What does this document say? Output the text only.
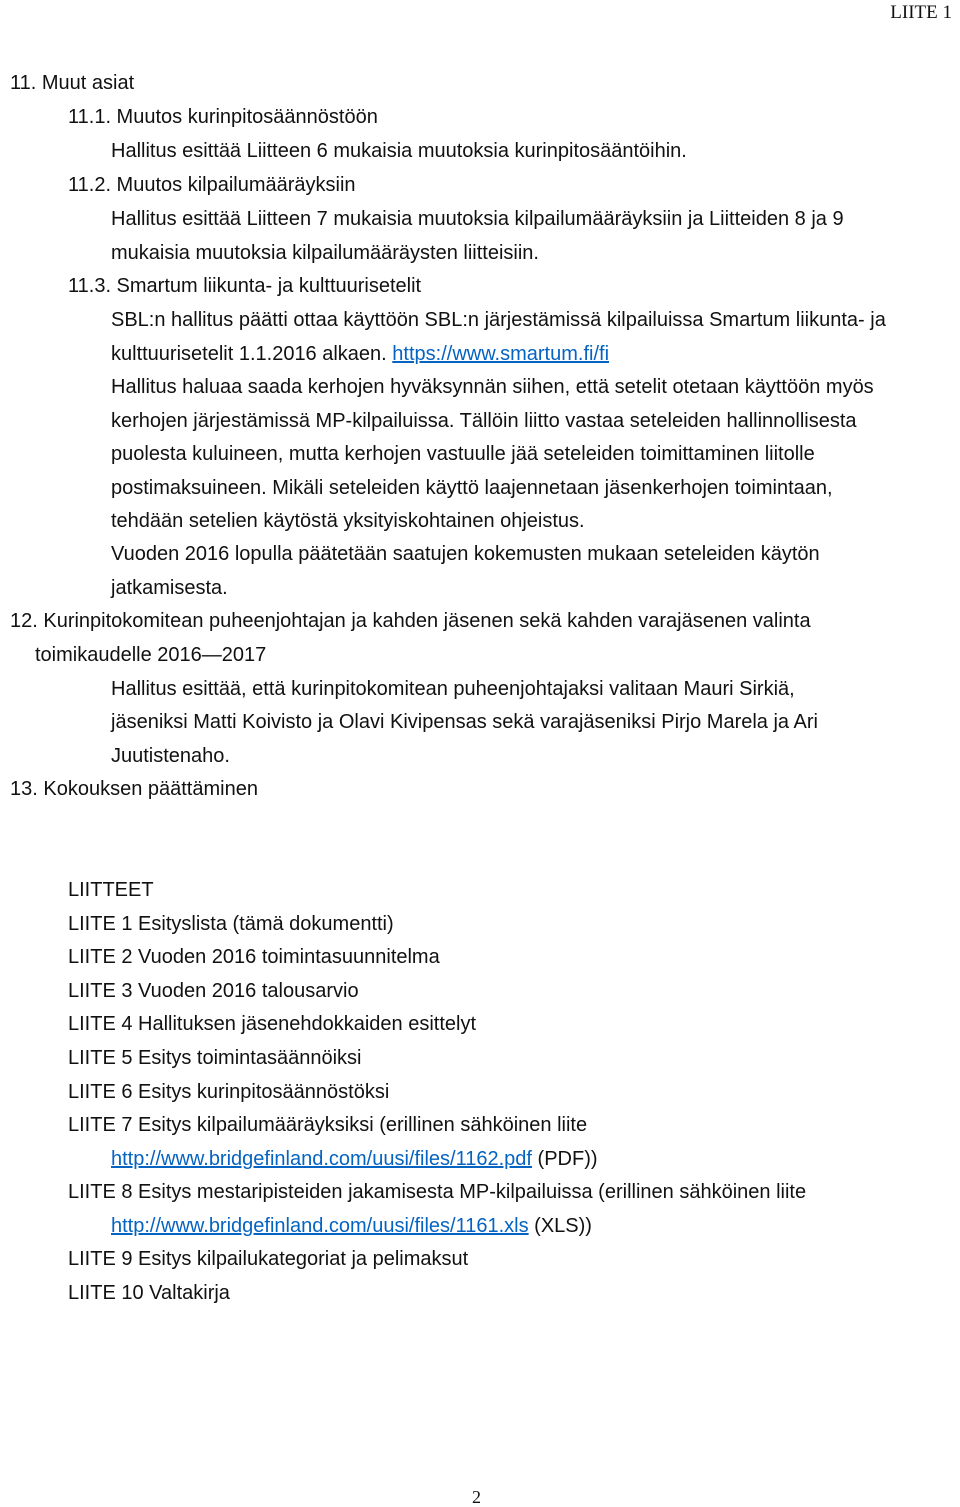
LIITE 1
11. Muut asiat
11.1. Muutos kurinpitosäännöstöön
Hallitus esittää Liitteen 6 mukaisia muutoksia kurinpitosääntöihin.
11.2. Muutos kilpailumääräyksiin
Hallitus esittää Liitteen 7 mukaisia muutoksia kilpailumääräyksiin ja Liitteiden 8 ja 9
mukaisia muutoksia kilpailumääräysten liitteisiin.
11.3. Smartum liikunta- ja kulttuurisetelit
SBL:n hallitus päätti ottaa käyttöön SBL:n järjestämissä kilpailuissa Smartum liikunta- ja
kulttuurisetelit 1.1.2016 alkaen. https://www.smartum.fi/fi
Hallitus haluaa saada kerhojen hyväksynnän siihen, että setelit otetaan käyttöön myös
kerhojen järjestämissä MP-kilpailuissa. Tällöin liitto vastaa seteleiden hallinnollisesta
puolesta kuluineen, mutta kerhojen vastuulle jää seteleiden toimittaminen liitolle
postimaksuineen. Mikäli seteleiden käyttö laajennetaan jäsenkerhojen toimintaan,
tehdään setelien käytöstä yksityiskohtainen ohjeistus.
Vuoden 2016 lopulla päätetään saatujen kokemusten mukaan seteleiden käytön
jatkamisesta.
12. Kurinpitokomitean puheenjohtajan ja kahden jäsenen sekä kahden varajäsenen valinta
toimikaudelle 2016—2017
Hallitus esittää, että kurinpitokomitean puheenjohtajaksi valitaan Mauri Sirkiä,
jäseniksi Matti Koivisto ja Olavi Kivipensas sekä varajäseniksi Pirjo Marela ja Ari
Juutistenaho.
13. Kokouksen päättäminen
LIITTEET
LIITE 1 Esityslista (tämä dokumentti)
LIITE 2 Vuoden 2016 toimintasuunnitelma
LIITE 3 Vuoden 2016 talousarvio
LIITE 4 Hallituksen jäsenehdokkaiden esittelyt
LIITE 5 Esitys toimintasäännöiksi
LIITE 6 Esitys kurinpitosäännöstöksi
LIITE 7 Esitys kilpailumääräyksiksi (erillinen sähköinen liite
http://www.bridgefinland.com/uusi/files/1162.pdf (PDF))
LIITE 8 Esitys mestaripisteiden jakamisesta MP-kilpailuissa (erillinen sähköinen liite
http://www.bridgefinland.com/uusi/files/1161.xls (XLS))
LIITE 9 Esitys kilpailukategoriat ja pelimaksut
LIITE 10 Valtakirja
2
